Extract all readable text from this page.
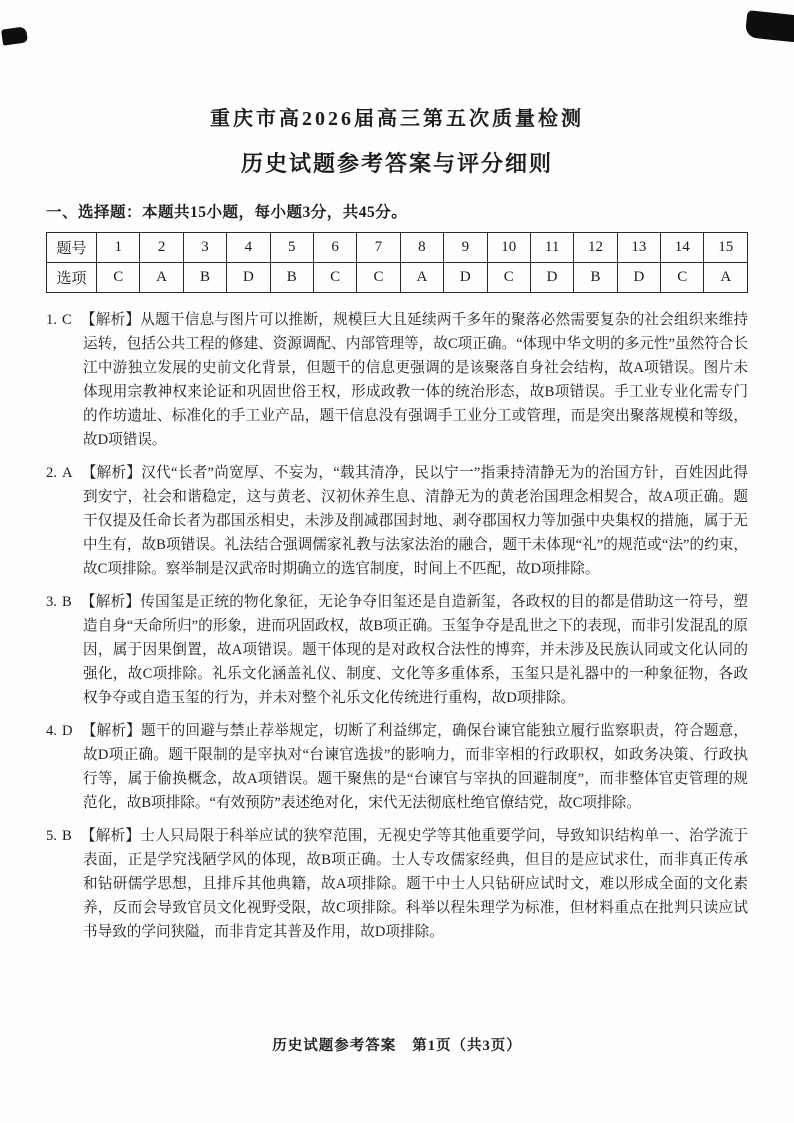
重庆市高2026届高三第五次质量检测
历史试题参考答案与评分细则
一、选择题：本题共15小题，每小题3分，共45分。
题号	1	2	3	4	5	6	7	8	9	10	11	12	13	14	15
选项	C	A	B	D	B	C	C	A	D	C	D	B	D	C	A
1. C 【解析】从题干信息与图片可以推断，规模巨大且延续两千多年的聚落必然需要复杂的社会组织来维持运转，包括公共工程的修建、资源调配、内部管理等，故C项正确。“体现中华文明的多元性”虽然符合长江中游独立发展的史前文化背景，但题干的信息更强调的是该聚落自身社会结构，故A项错误。图片未体现用宗教神权来论证和巩固世俗王权，形成政教一体的统治形态，故B项错误。手工业专业化需专门的作坊遗址、标准化的手工业产品，题干信息没有强调手工业分工或管理，而是突出聚落规模和等级，故D项错误。
2. A 【解析】汉代“长者”尚宽厚、不妄为，“载其清净，民以宁一”指秉持清静无为的治国方针，百姓因此得到安宁，社会和谐稳定，这与黄老、汉初休养生息、清静无为的黄老治国理念相契合，故A项正确。题干仅提及任命长者为郡国丞相史，未涉及削减郡国封地、剥夺郡国权力等加强中央集权的措施，属于无中生有，故B项错误。礼法结合强调儒家礼教与法家法治的融合，题干未体现“礼”的规范或“法”的约束，故C项排除。察举制是汉武帝时期确立的选官制度，时间上不匹配，故D项排除。
3. B 【解析】传国玺是正统的物化象征，无论争夺旧玺还是自造新玺，各政权的目的都是借助这一符号，塑造自身“天命所归”的形象，进而巩固政权，故B项正确。玉玺争夺是乱世之下的表现，而非引发混乱的原因，属于因果倒置，故A项错误。题干体现的是对政权合法性的博弈，并未涉及民族认同或文化认同的强化，故C项排除。礼乐文化涵盖礼仪、制度、文化等多重体系，玉玺只是礼器中的一种象征物，各政权争夺或自造玉玺的行为，并未对整个礼乐文化传统进行重构，故D项排除。
4. D 【解析】题干的回避与禁止荐举规定，切断了利益绑定，确保台谏官能独立履行监察职责，符合题意，故D项正确。题干限制的是宰执对“台谏官选拔”的影响力，而非宰相的行政职权，如政务决策、行政执行等，属于偷换概念，故A项错误。题干聚焦的是“台谏官与宰执的回避制度”，而非整体官吏管理的规范化，故B项排除。“有效预防”表述绝对化，宋代无法彻底杜绝官僚结党，故C项排除。
5. B 【解析】士人只局限于科举应试的狭窄范围，无视史学等其他重要学问，导致知识结构单一、治学流于表面，正是学究浅陋学风的体现，故B项正确。士人专攻儒家经典，但目的是应试求仕，而非真正传承和钻研儒学思想，且排斥其他典籍，故A项排除。题干中士人只钻研应试时文，难以形成全面的文化素养，反而会导致官员文化视野受限，故C项排除。科举以程朱理学为标准，但材料重点在批判只读应试书导致的学问狭隘，而非肯定其普及作用，故D项排除。
历史试题参考答案 第1页（共3页）
